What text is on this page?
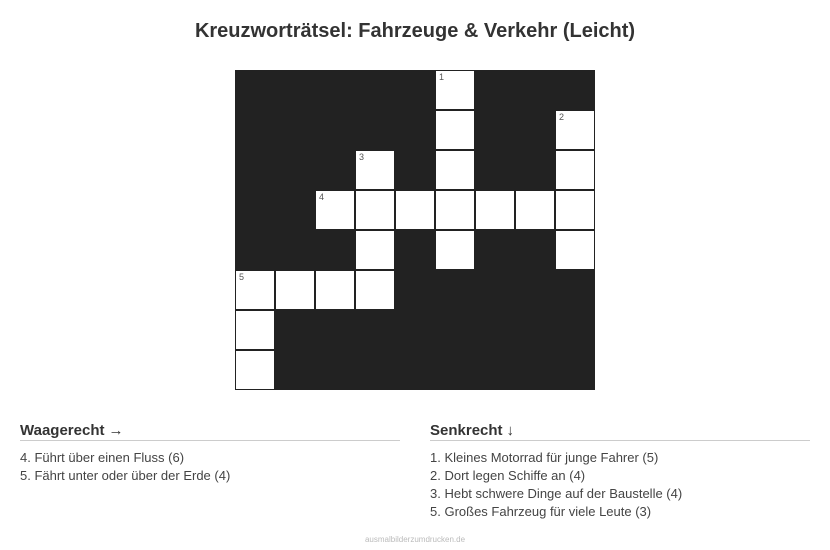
Kreuzworträtsel: Fahrzeuge & Verkehr (Leicht)
1
2
3
4
5
Waagerecht →
4. Führt über einen Fluss (6)
5. Fährt unter oder über der Erde (4)
Senkrecht ↓
1. Kleines Motorrad für junge Fahrer (5)
2. Dort legen Schiffe an (4)
3. Hebt schwere Dinge auf der Baustelle (4)
5. Großes Fahrzeug für viele Leute (3)
ausmalbilderzumdrucken.de
